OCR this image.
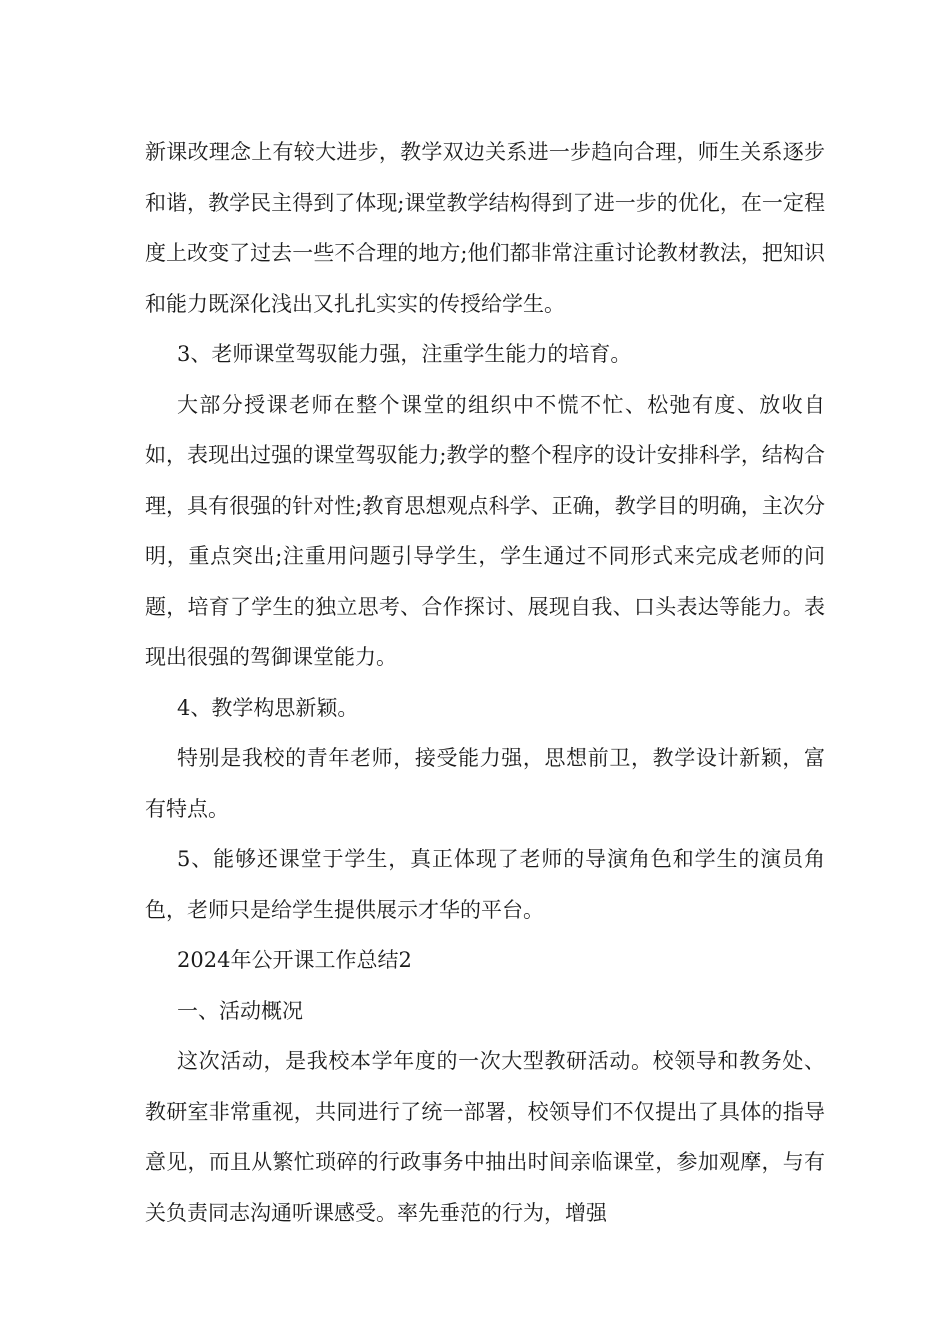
新课改理念上有较大进步，教学双边关系进一步趋向合理，师生关系逐步和谐，教学民主得到了体现;课堂教学结构得到了进一步的优化，在一定程度上改变了过去一些不合理的地方;他们都非常注重讨论教材教法，把知识和能力既深化浅出又扎扎实实的传授给学生。

3、老师课堂驾驭能力强，注重学生能力的培育。

大部分授课老师在整个课堂的组织中不慌不忙、松弛有度、放收自如，表现出过强的课堂驾驭能力;教学的整个程序的设计安排科学，结构合理，具有很强的针对性;教育思想观点科学、正确，教学目的明确，主次分明，重点突出;注重用问题引导学生，学生通过不同形式来完成老师的问题，培育了学生的独立思考、合作探讨、展现自我、口头表达等能力。表现出很强的驾御课堂能力。

4、教学构思新颖。

特别是我校的青年老师，接受能力强，思想前卫，教学设计新颖，富有特点。

5、能够还课堂于学生，真正体现了老师的导演角色和学生的演员角色，老师只是给学生提供展示才华的平台。

2024年公开课工作总结2

一、活动概况

这次活动，是我校本学年度的一次大型教研活动。校领导和教务处、教研室非常重视，共同进行了统一部署，校领导们不仅提出了具体的指导意见，而且从繁忙琐碎的行政事务中抽出时间亲临课堂，参加观摩，与有关负责同志沟通听课感受。率先垂范的行为，增强
